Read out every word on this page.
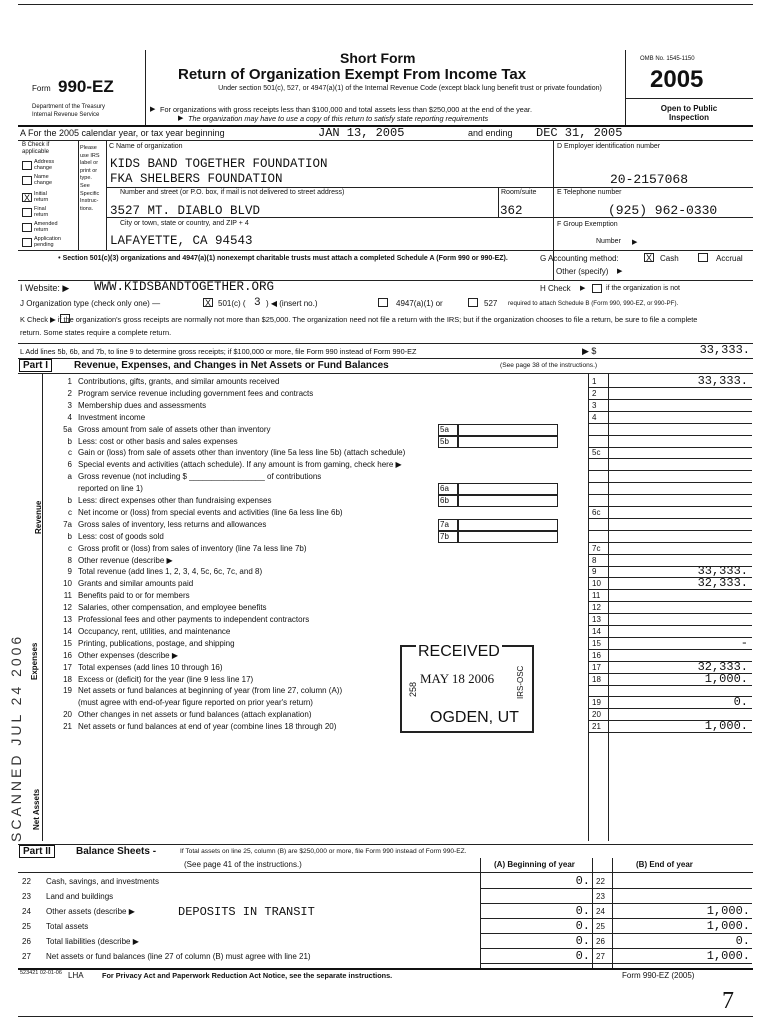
Form 990-EZ
Department of the Treasury
Internal Revenue Service
Short Form
Return of Organization Exempt From Income Tax
Under section 501(c), 527, or 4947(a)(1) of the Internal Revenue Code (except black lung benefit trust or private foundation)
▶ For organizations with gross receipts less than $100,000 and total assets less than $250,000 at the end of the year.
▶ The organization may have to use a copy of this return to satisfy state reporting requirements
OMB No. 1545-1150
2005
Open to Public Inspection
A For the 2005 calendar year, or tax year beginning	JAN 13, 2005	and ending DEC 31, 2005
B Check if applicable
Address change
Name change
X Initial return
Final return
Amended return
Application pending
Please
use IRS
label or
print or
type.
See
Specific
Instruc-
tions.
C Name of organization
KIDS BAND TOGETHER FOUNDATION
FKA SHELBERS FOUNDATION
Number and street (or P.O. box, if mail is not delivered to street address)	Room/suite
3527 MT. DIABLO BLVD	362
City or town, state or country, and ZIP + 4
LAFAYETTE, CA 94543
D Employer identification number
20-2157068
E Telephone number
(925) 962-0330
F Group Exemption
Number ▶
• Section 501(c)(3) organizations and 4947(a)(1) nonexempt charitable trusts must attach a completed Schedule A (Form 990 or 990-EZ).	G Accounting method:	X Cash	Accrual
Other (specify) ▶
I Website: ▶ WWW.KIDSBANDTOGETHER.ORG	H Check ▶	if the organization is not
J Organization type (check only one) —	X 501(c) ( 3 ) ◀ (insert no.)	4947(a)(1) or	527 required to attach Schedule B (Form 990, 990-EZ, or 990-PF).
K Check ▶ if the organization's gross receipts are normally not more than $25,000. The organization need not file a return with the IRS; but if the organization chooses to file a return, be sure to file a complete return. Some states require a complete return.
L Add lines 5b, 6b, and 7b, to line 9 to determine gross receipts; if $100,000 or more, file Form 990 instead of Form 990-EZ	▶ $	33,333.
Part I	Revenue, Expenses, and Changes in Net Assets or Fund Balances	(See page 38 of the instructions.)
1 Contributions, gifts, grants, and similar amounts received	1	33,333.
2 Program service revenue including government fees and contracts	2
3 Membership dues and assessments	3
4 Investment income	4
5a Gross amount from sale of assets other than inventory	5a
b Less: cost or other basis and sales expenses	5b
c Gain or (loss) from sale of assets other than inventory (line 5a less line 5b) (attach schedule)	5c
6 Special events and activities (attach schedule). If any amount is from gaming, check here ▶
a Gross revenue (not including $ _________________ of contributions
reported on line 1)	6a
b Less: direct expenses other than fundraising expenses	6b
c Net income or (loss) from special events and activities (line 6a less line 6b)	6c
7a Gross sales of inventory, less returns and allowances	7a
b Less: cost of goods sold	7b
c Gross profit or (loss) from sales of inventory (line 7a less line 7b)	7c
8 Other revenue (describe ▶	8
9 Total revenue (add lines 1, 2, 3, 4, 5c, 6c, 7c, and 8)	9	33,333.
10 Grants and similar amounts paid	10	32,333.
11 Benefits paid to or for members	11
12 Salaries, other compensation, and employee benefits	12
13 Professional fees and other payments to independent contractors	13
14 Occupancy, rent, utilities, and maintenance	14
15 Printing, publications, postage, and shipping	15	-
16 Other expenses (describe ▶	16
17 Total expenses (add lines 10 through 16)	17	32,333.
18 Excess or (deficit) for the year (line 9 less line 17)	18	1,000.
19 Net assets or fund balances at beginning of year (from line 27, column (A))
(must agree with end-of-year figure reported on prior year's return)	19	0.
20 Other changes in net assets or fund balances (attach explanation)	20
21 Net assets or fund balances at end of year (combine lines 18 through 20)	21	1,000.
Revenue
Expenses
Net Assets
SCANNED JUL 24 2006	RECEIVED
MAY 18 2006
258	IRS-OSC
OGDEN, UT
Part II	Balance Sheets -	If Total assets on line 25, column (B) are $250,000 or more, file Form 990 instead of Form 990-EZ.
(See page 41 of the instructions.)	(A) Beginning of year	(B) End of year
22 Cash, savings, and investments	0. 22
23 Land and buildings	23
24 Other assets (describe ▶	DEPOSITS IN TRANSIT	0. 24	1,000.
25 Total assets	0. 25	1,000.
26 Total liabilities (describe ▶	0. 26	0.
27 Net assets or fund balances (line 27 of column (B) must agree with line 21)	0. 27	1,000.
523421 02-01-06 LHA	For Privacy Act and Paperwork Reduction Act Notice, see the separate instructions.	Form 990-EZ (2005)
7
